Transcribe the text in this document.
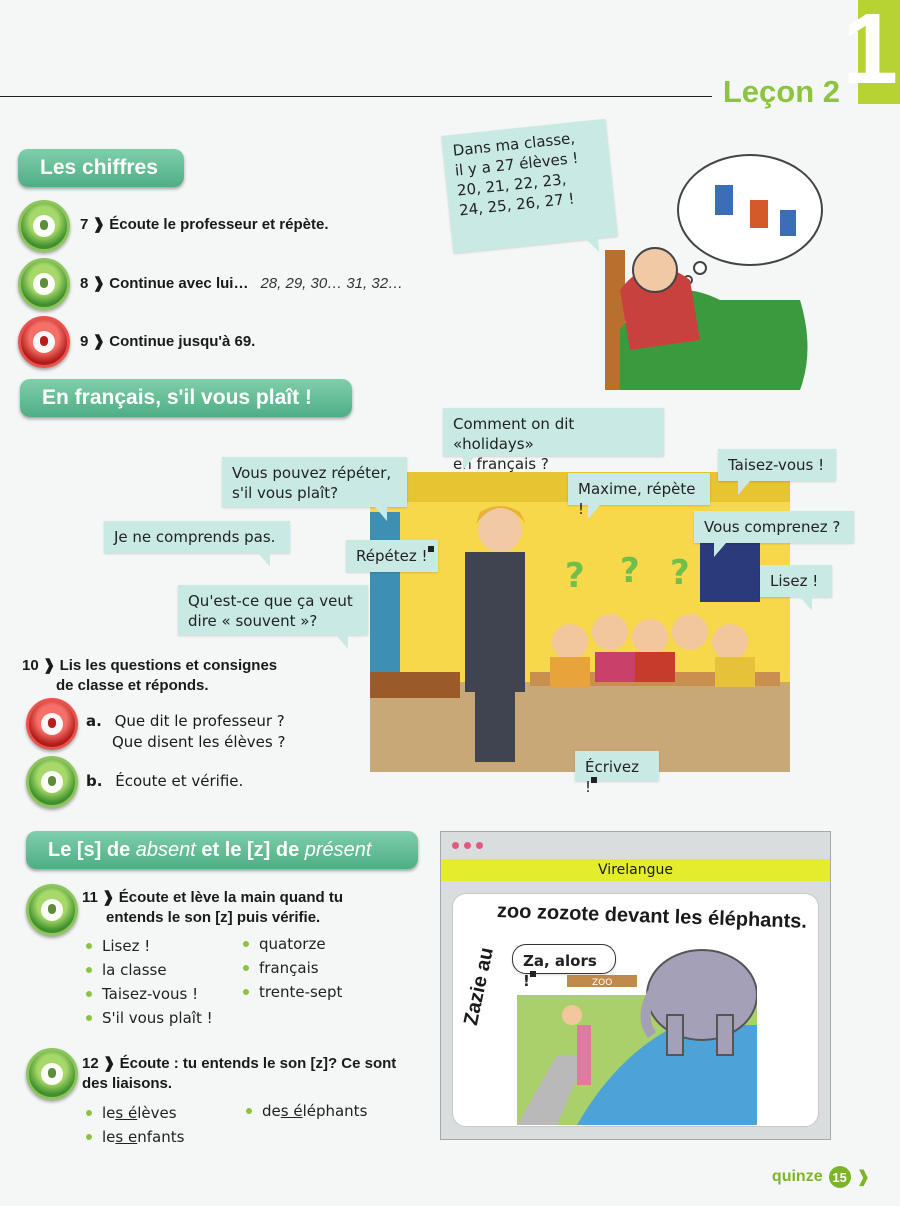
Leçon 2 1
Les chiffres
7 ❱ Écoute le professeur et répète.
8 ❱ Continue avec lui… 28, 29, 30… 31, 32…
9 ❱ Continue jusqu'à 69.
Dans ma classe,
il y a 27 élèves !
20, 21, 22, 23,
24, 25, 26, 27 !
En français, s'il vous plaît !
? ? ?
Comment on dit «holidays»
en français ?
Vous pouvez répéter,
s'il vous plaît?
Je ne comprends pas.
Répétez !
Qu'est-ce que ça veut
dire « souvent »?
Maxime, répète !
Taisez-vous !
Vous comprenez ?
Lisez !
Écrivez !
10 ❱ Lis les questions et consignes
de classe et réponds.
a. Que dit le professeur ?
Que disent les élèves ?
b. Écoute et vérifie.
Le [s] de absent et le [z] de présent
11 ❱ Écoute et lève la main quand tu
entends le son [z] puis vérifie.
Lisez !
la classe
Taisez-vous !
S'il vous plaît !
quatorze
français
trente-sept
12 ❱ Écoute : tu entends le son [z]? Ce sont
des liaisons.
les élèves
les enfants
des éléphants
Virelangue
Zazie au
zoo zozote devant les éléphants.
ZOO
Za, alors !
quinze 15 ❱
